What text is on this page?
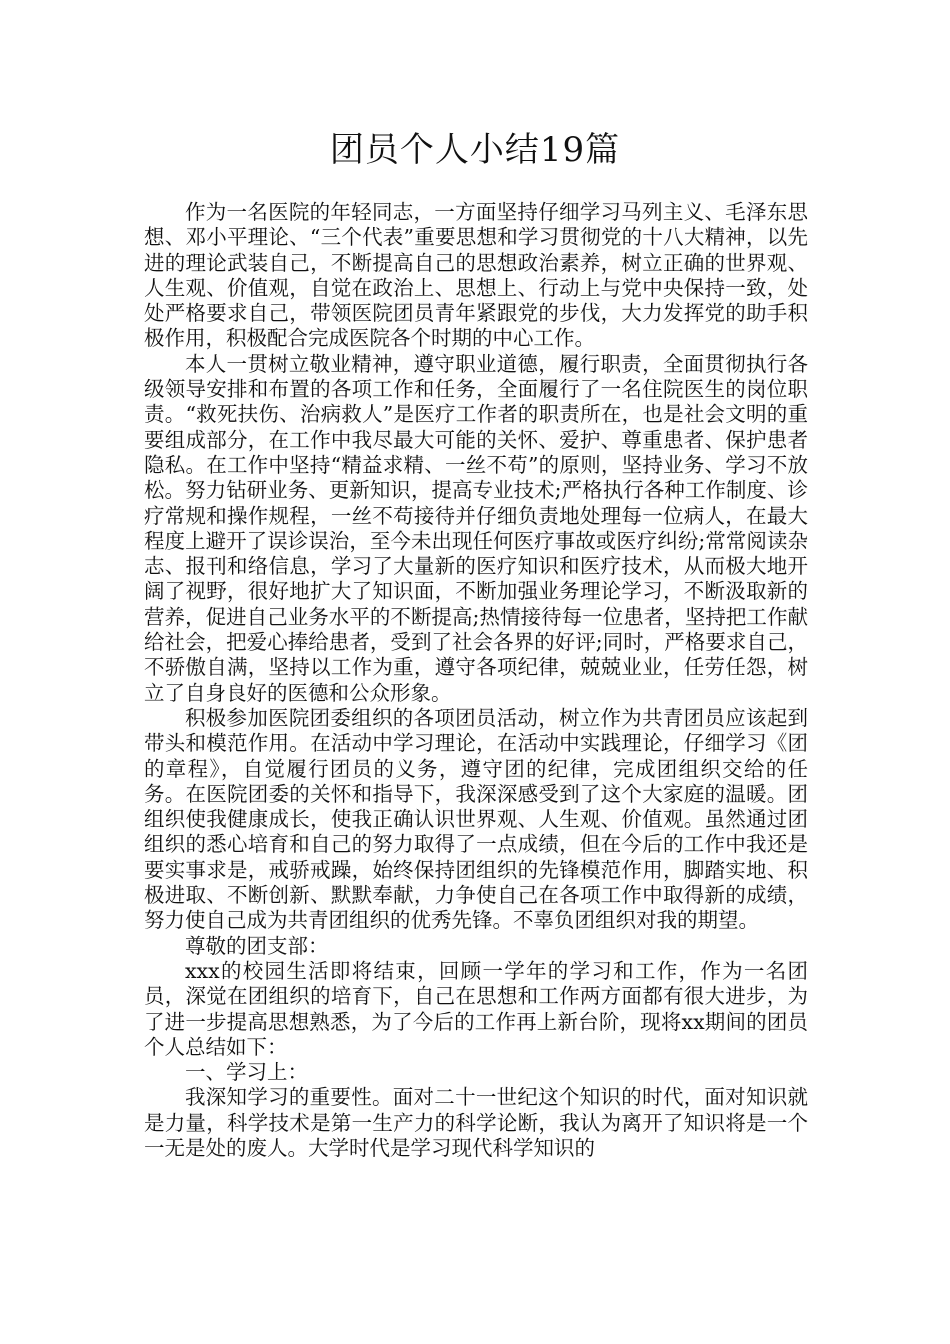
团员个人小结19篇

作为一名医院的年轻同志，一方面坚持仔细学习马列主义、毛泽东思想、邓小平理论、“三个代表”重要思想和学习贯彻党的十八大精神，以先进的理论武装自己，不断提高自己的思想政治素养，树立正确的世界观、人生观、价值观，自觉在政治上、思想上、行动上与党中央保持一致，处处严格要求自己，带领医院团员青年紧跟党的步伐，大力发挥党的助手积极作用，积极配合完成医院各个时期的中心工作。

本人一贯树立敬业精神，遵守职业道德，履行职责，全面贯彻执行各级领导安排和布置的各项工作和任务，全面履行了一名住院医生的岗位职责。“救死扶伤、治病救人”是医疗工作者的职责所在，也是社会文明的重要组成部分，在工作中我尽最大可能的关怀、爱护、尊重患者、保护患者隐私。在工作中坚持“精益求精、一丝不苟”的原则，坚持业务、学习不放松。努力钻研业务、更新知识，提高专业技术;严格执行各种工作制度、诊疗常规和操作规程，一丝不苟接待并仔细负责地处理每一位病人，在最大程度上避开了误诊误治，至今未出现任何医疗事故或医疗纠纷;常常阅读杂志、报刊和络信息，学习了大量新的医疗知识和医疗技术，从而极大地开阔了视野，很好地扩大了知识面，不断加强业务理论学习，不断汲取新的营养，促进自己业务水平的不断提高;热情接待每一位患者，坚持把工作献给社会，把爱心捧给患者，受到了社会各界的好评;同时，严格要求自己，不骄傲自满，坚持以工作为重，遵守各项纪律，兢兢业业，任劳任怨，树立了自身良好的医德和公众形象。

积极参加医院团委组织的各项团员活动，树立作为共青团员应该起到带头和模范作用。在活动中学习理论，在活动中实践理论，仔细学习《团的章程》，自觉履行团员的义务，遵守团的纪律，完成团组织交给的任务。在医院团委的关怀和指导下，我深深感受到了这个大家庭的温暖。团组织使我健康成长，使我正确认识世界观、人生观、价值观。虽然通过团组织的悉心培育和自己的努力取得了一点成绩，但在今后的工作中我还是要实事求是，戒骄戒躁，始终保持团组织的先锋模范作用，脚踏实地、积极进取、不断创新、默默奉献，力争使自己在各项工作中取得新的成绩，努力使自己成为共青团组织的优秀先锋。不辜负团组织对我的期望。

尊敬的团支部：

xxx的校园生活即将结束，回顾一学年的学习和工作，作为一名团员，深觉在团组织的培育下，自己在思想和工作两方面都有很大进步，为了进一步提高思想熟悉，为了今后的工作再上新台阶，现将xx期间的团员个人总结如下：

一、学习上：

我深知学习的重要性。面对二十一世纪这个知识的时代，面对知识就是力量，科学技术是第一生产力的科学论断，我认为离开了知识将是一个一无是处的废人。大学时代是学习现代科学知识的
